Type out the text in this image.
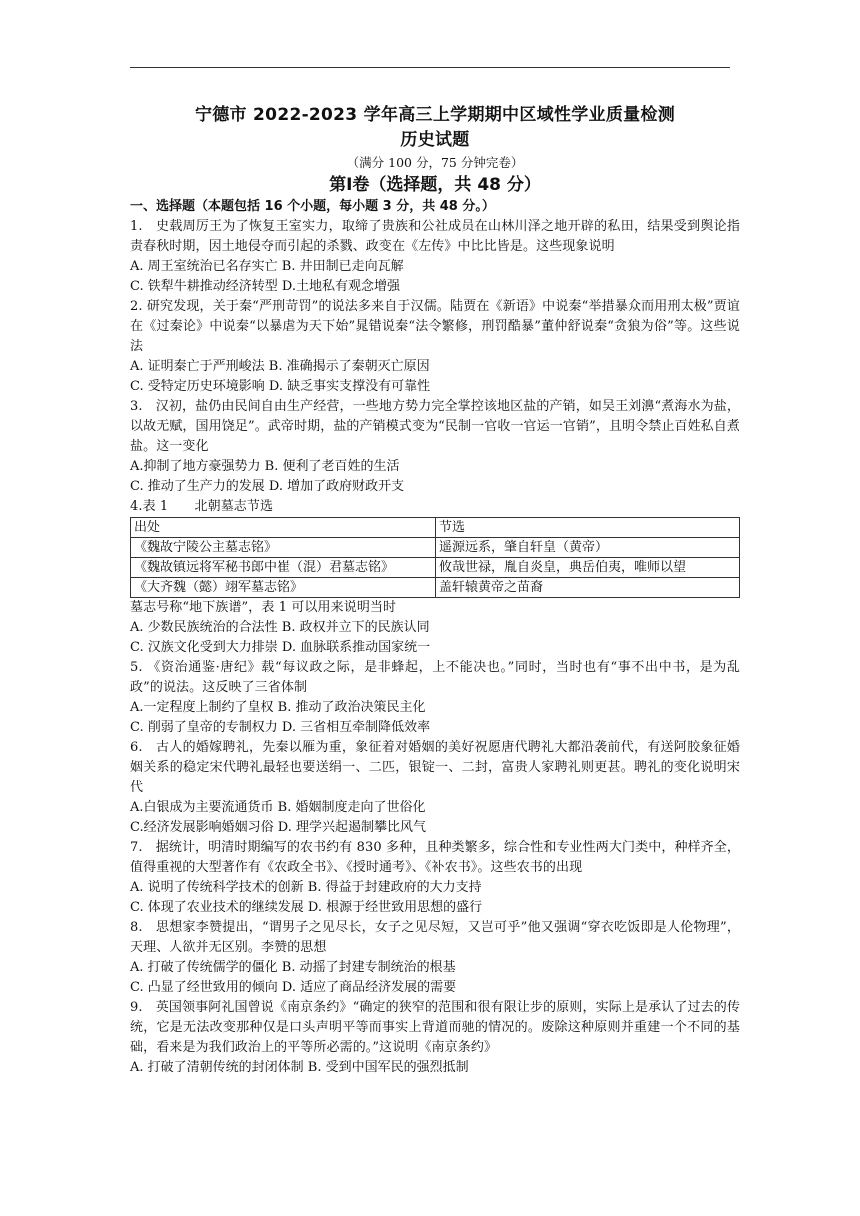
宁德市 2022-2023 学年高三上学期期中区域性学业质量检测

历史试题

（满分 100 分，75 分钟完卷）

第Ⅰ卷（选择题，共 48 分）

一、选择题（本题包括 16 个小题，每小题 3 分，共 48 分。）

1.　史载周厉王为了恢复王室实力，取缔了贵族和公社成员在山林川泽之地开辟的私田，结果受到舆论指责春秋时期，因土地侵夺而引起的杀戮、政变在《左传》中比比皆是。这些现象说明

A. 周王室统治已名存实亡 B. 井田制已走向瓦解

C. 铁犁牛耕推动经济转型 D.土地私有观念增强

2. 研究发现，关于秦“严刑苛罚”的说法多来自于汉儒。陆贾在《新语》中说秦“举措暴众而用刑太极”贾谊在《过秦论》中说秦“以暴虐为天下始”晁错说秦“法令繁修，刑罚酷暴”董仲舒说秦“贪狼为俗”等。这些说法

A. 证明秦亡于严刑峻法 B. 准确揭示了秦朝灭亡原因

C. 受特定历史环境影响 D. 缺乏事实支撑没有可靠性

3.　汉初，盐仍由民间自由生产经营，一些地方势力完全掌控该地区盐的产销，如吴王刘濞“煮海水为盐，以故无赋，国用饶足”。武帝时期，盐的产销模式变为“民制一官收一官运一官销”，且明令禁止百姓私自煮盐。这一变化

A.抑制了地方豪强势力 B. 便利了老百姓的生活

C. 推动了生产力的发展 D. 增加了政府财政开支

4.表 1　　北朝墓志节选

出处	节选
《魏故宁陵公主墓志铭》	遥源远系，肇自轩皇（黄帝）
《魏故镇远将军秘书郎中崔（混）君墓志铭》	攸哉世禄，胤自炎皇，典岳伯夷，唯师以望
《大齐魏（懿）翊军墓志铭》	盖轩辕黄帝之苗裔

墓志号称“地下族谱”，表 1 可以用来说明当时

A. 少数民族统治的合法性 B. 政权并立下的民族认同

C. 汉族文化受到大力排崇 D. 血脉联系推动国家统一

5. 《资治通鉴·唐纪》载“每议政之际，是非蜂起，上不能决也。”同时，当时也有“事不出中书，是为乱政”的说法。这反映了三省体制

A.一定程度上制约了皇权 B. 推动了政治决策民主化

C. 削弱了皇帝的专制权力 D. 三省相互牵制降低效率

6.　古人的婚嫁聘礼，先秦以雁为重，象征着对婚姻的美好祝愿唐代聘礼大都沿袭前代，有送阿胶象征婚姻关系的稳定宋代聘礼最轻也要送绢一、二匹，银锭一、二封，富贵人家聘礼则更甚。聘礼的变化说明宋代

A.白银成为主要流通货币 B. 婚姻制度走向了世俗化

C.经济发展影响婚姻习俗 D. 理学兴起遏制攀比风气

7.　据统计，明清时期编写的农书约有 830 多种，且种类繁多，综合性和专业性两大门类中，种样齐全，值得重视的大型著作有《农政全书》、《授时通考》、《补农书》。这些农书的出现

A. 说明了传统科学技术的创新 B. 得益于封建政府的大力支持

C. 体现了农业技术的继续发展 D. 根源于经世致用思想的盛行

8.　思想家李赞提出，“谓男子之见尽长，女子之见尽短，又岂可乎”他又强调“穿衣吃饭即是人伦物理”，天理、人欲并无区别。李赞的思想

A. 打破了传统儒学的僵化 B. 动摇了封建专制统治的根基

C. 凸显了经世致用的倾向 D. 适应了商品经济发展的需要

9.　英国领事阿礼国曾说《南京条约》“确定的狭窄的范围和很有限让步的原则，实际上是承认了过去的传统，它是无法改变那种仅是口头声明平等而事实上背道而驰的情况的。废除这种原则并重建一个不同的基础，看来是为我们政治上的平等所必需的。”这说明《南京条约》

A. 打破了清朝传统的封闭体制 B. 受到中国军民的强烈抵制
